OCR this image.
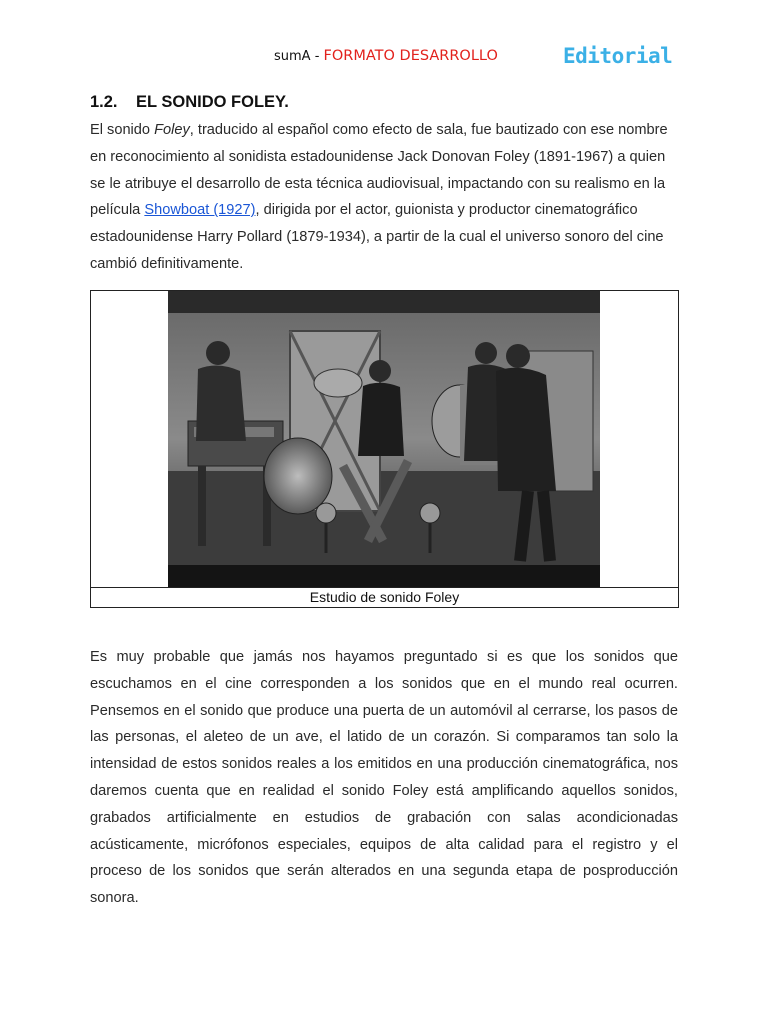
sumA - FORMATO DESARROLLO	Editorial
1.2. EL SONIDO FOLEY.

El sonido Foley, traducido al español como efecto de sala, fue bautizado con ese nombre en reconocimiento al sonidista estadounidense Jack Donovan Foley (1891-1967) a quien se le atribuye el desarrollo de esta técnica audiovisual, impactando con su realismo en la película Showboat (1927), dirigida por el actor, guionista y productor cinematográfico estadounidense Harry Pollard (1879-1934), a partir de la cual el universo sonoro del cine cambió definitivamente.

Estudio de sonido Foley

Es muy probable que jamás nos hayamos preguntado si es que los sonidos que escuchamos en el cine corresponden a los sonidos que en el mundo real ocurren. Pensemos en el sonido que produce una puerta de un automóvil al cerrarse, los pasos de las personas, el aleteo de un ave, el latido de un corazón. Si comparamos tan solo la intensidad de estos sonidos reales a los emitidos en una producción cinematográfica, nos daremos cuenta que en realidad el sonido Foley está amplificando aquellos sonidos, grabados artificialmente en estudios de grabación con salas acondicionadas acústicamente, micrófonos especiales, equipos de alta calidad para el registro y el proceso de los sonidos que serán alterados en una segunda etapa de posproducción sonora.
